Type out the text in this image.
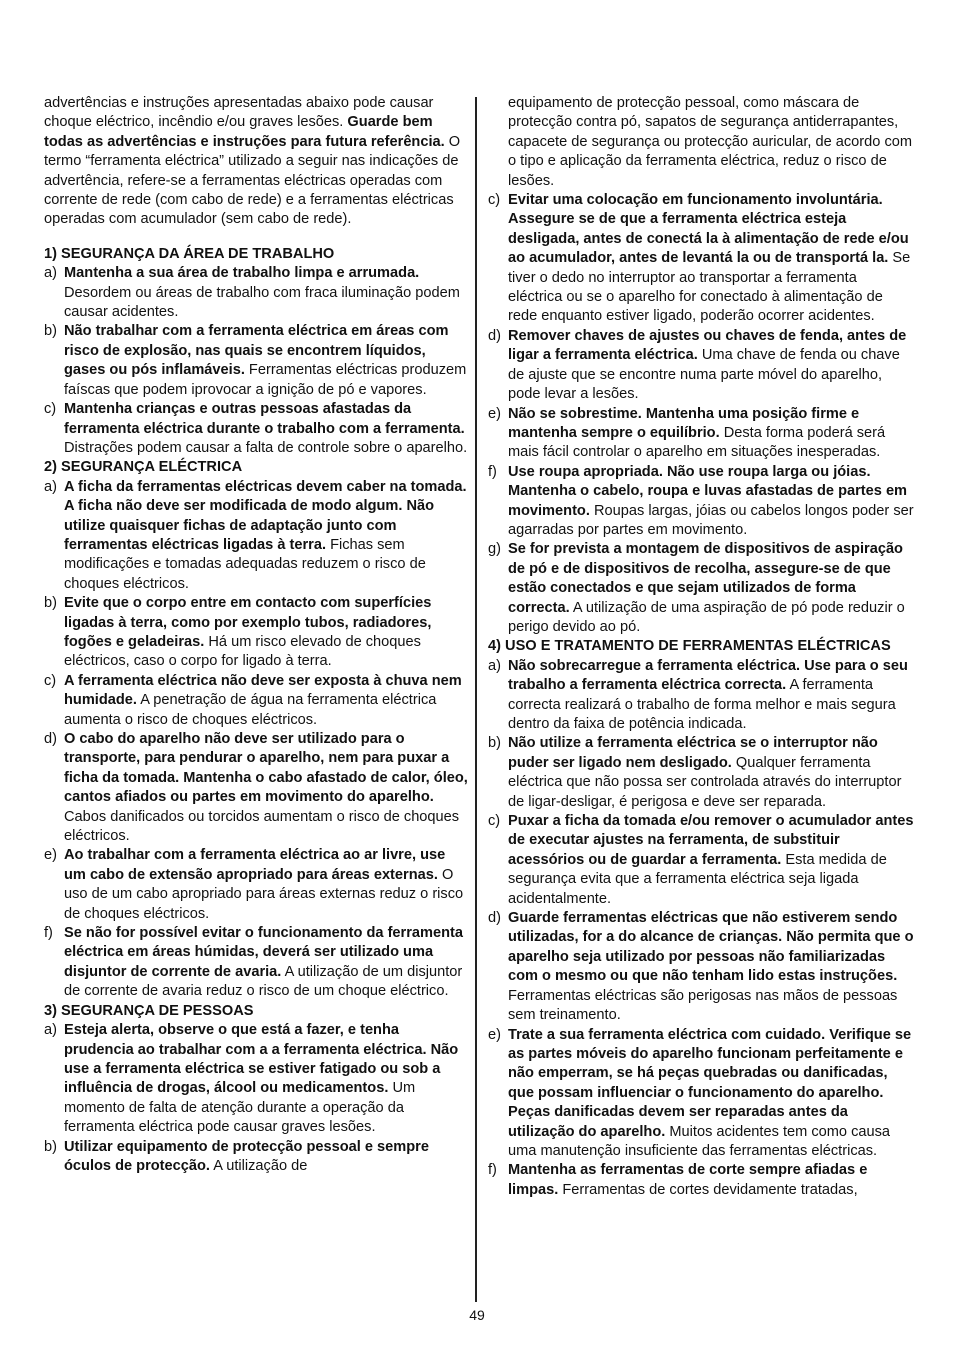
advertências e instruções apresentadas abaixo pode causar choque eléctrico, incêndio e/ou graves lesões. Guarde bem todas as advertências e instruções para futura referência. O termo “ferramenta eléctrica” utilizado a seguir nas indicações de advertência, refere-se a ferramentas eléctricas operadas com corrente de rede (com cabo de rede) e a ferramentas eléctricas operadas com acumulador (sem cabo de rede).

1) SEGURANÇA DA ÁREA DE TRABALHO

a) Mantenha a sua área de trabalho limpa e arrumada. Desordem ou áreas de trabalho com fraca iluminação podem causar acidentes.
b) Não trabalhar com a ferramenta eléctrica em áreas com risco de explosão, nas quais se encontrem líquidos, gases ou pós inflamáveis. Ferramentas eléctricas produzem faíscas que podem iprovocar a ignição de pó e vapores.
c) Mantenha crianças e outras pessoas afastadas da ferramenta eléctrica durante o trabalho com a ferramenta. Distrações podem causar a falta de controle sobre o aparelho.

2) SEGURANÇA ELÉCTRICA

a) A ficha da ferramentas eléctricas devem caber na tomada. A ficha não deve ser modificada de modo algum. Não utilize quaisquer fichas de adaptação junto com ferramentas eléctricas ligadas à terra. Fichas sem modificações e tomadas adequadas reduzem o risco de choques eléctricos.
b) Evite que o corpo entre em contacto com superfícies ligadas à terra, como por exemplo tubos, radiadores, fogões e geladeiras. Há um risco elevado de choques eléctricos, caso o corpo for ligado à terra.
c) A ferramenta eléctrica não deve ser exposta à chuva nem humidade. A penetração de água na ferramenta eléctrica aumenta o risco de choques eléctricos.
d) O cabo do aparelho não deve ser utilizado para o transporte, para pendurar o aparelho, nem para puxar a ficha da tomada. Mantenha o cabo afastado de calor, óleo, cantos afiados ou partes em movimento do aparelho. Cabos danificados ou torcidos aumentam o risco de choques eléctricos.
e) Ao trabalhar com a ferramenta eléctrica ao ar livre, use um cabo de extensão apropriado para áreas externas. O uso de um cabo apropriado para áreas externas reduz o risco de choques eléctricos.
f) Se não for possível evitar o funcionamento da ferramenta eléctrica em áreas húmidas, deverá ser utilizado uma disjuntor de corrente de avaria. A utilização de um disjuntor de corrente de avaria reduz o risco de um choque eléctrico.

3) SEGURANÇA DE PESSOAS

a) Esteja alerta, observe o que está a fazer, e tenha prudencia ao trabalhar com a a ferramenta eléctrica. Não use a ferramenta eléctrica se estiver fatigado ou sob a influência de drogas, álcool ou medicamentos. Um momento de falta de atenção durante a operação da ferramenta eléctrica pode causar graves lesões.
b) Utilizar equipamento de protecção pessoal e sempre óculos de protecção. A utilização de

equipamento de protecção pessoal, como máscara de protecção contra pó, sapatos de segurança antiderrapantes, capacete de segurança ou protecção auricular, de acordo com o tipo e aplicação da ferramenta eléctrica, reduz o risco de lesões.

c) Evitar uma colocação em funcionamento involuntária. Assegure se de que a ferramenta eléctrica esteja desligada, antes de conectá la à alimentação de rede e/ou ao acumulador, antes de levantá la ou de transportá la. Se tiver o dedo no interruptor ao transportar a ferramenta eléctrica ou se o aparelho for conectado à alimentação de rede enquanto estiver ligado, poderão ocorrer acidentes.
d) Remover chaves de ajustes ou chaves de fenda, antes de ligar a ferramenta eléctrica. Uma chave de fenda ou chave de ajuste que se encontre numa parte móvel do aparelho, pode levar a lesões.
e) Não se sobrestime. Mantenha uma posição firme e mantenha sempre o equilíbrio. Desta forma poderá será mais fácil controlar o aparelho em situações inesperadas.
f) Use roupa apropriada. Não use roupa larga ou jóias. Mantenha o cabelo, roupa e luvas afastadas de partes em movimento. Roupas largas, jóias ou cabelos longos poder ser agarradas por partes em movimento.
g) Se for prevista a montagem de dispositivos de aspiração de pó e de dispositivos de recolha, assegure-se de que estão conectados e que sejam utilizados de forma correcta. A utilização de uma aspiração de pó pode reduzir o perigo devido ao pó.

4) USO E TRATAMENTO DE FERRAMENTAS ELÉCTRICAS

a) Não sobrecarregue a ferramenta eléctrica. Use para o seu trabalho a ferramenta eléctrica correcta. A ferramenta correcta realizará o trabalho de forma melhor e mais segura dentro da faixa de potência indicada.
b) Não utilize a ferramenta eléctrica se o interruptor não puder ser ligado nem desligado. Qualquer ferramenta eléctrica que não possa ser controlada através do interruptor de ligar-desligar, é perigosa e deve ser reparada.
c) Puxar a ficha da tomada e/ou remover o acumulador antes de executar ajustes na ferramenta, de substituir acessórios ou de guardar a ferramenta. Esta medida de segurança evita que a ferramenta eléctrica seja ligada acidentalmente.
d) Guarde ferramentas eléctricas que não estiverem sendo utilizadas, for a do alcance de crianças. Não permita que o aparelho seja utilizado por pessoas não familiarizadas com o mesmo ou que não tenham lido estas instruções. Ferramentas eléctricas são perigosas nas mãos de pessoas sem treinamento.
e) Trate a sua ferramenta eléctrica com cuidado. Verifique se as partes móveis do aparelho funcionam perfeitamente e não emperram, se há peças quebradas ou danificadas, que possam influenciar o funcionamento do aparelho. Peças danificadas devem ser reparadas antes da utilização do aparelho. Muitos acidentes tem como causa uma manutenção insuficiente das ferramentas eléctricas.
f) Mantenha as ferramentas de corte sempre afiadas e limpas. Ferramentas de cortes devidamente tratadas,
49
